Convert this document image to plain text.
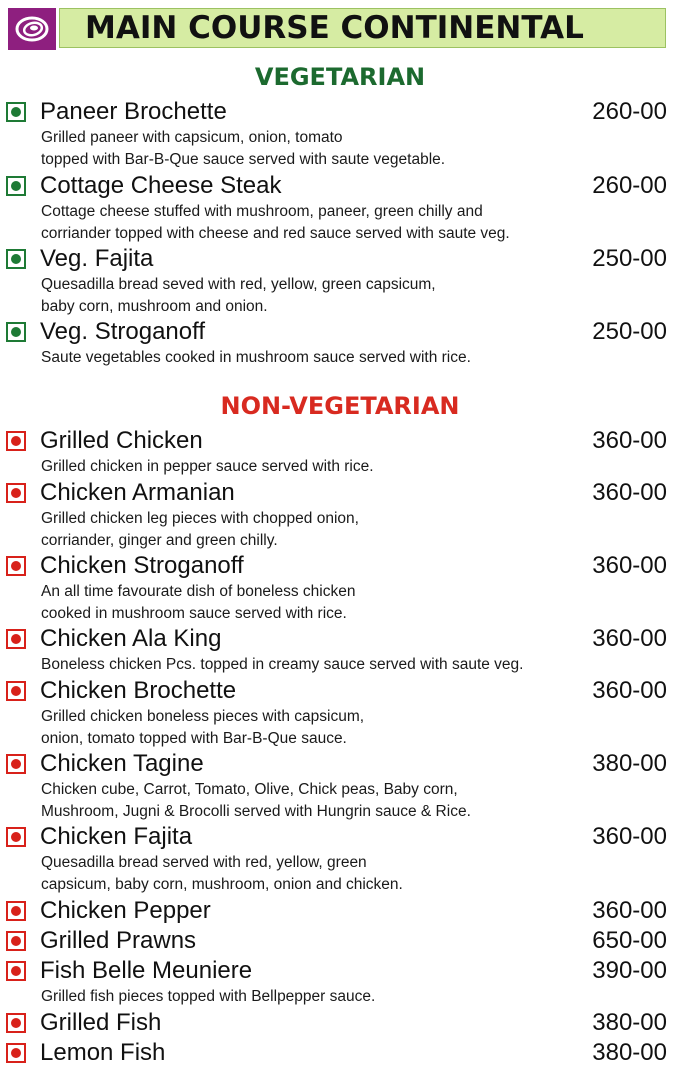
MAIN COURSE CONTINENTAL
VEGETARIAN
Paneer Brochette	260-00
Grilled paneer with capsicum, onion, tomato
topped with Bar-B-Que sauce served with saute vegetable.
Cottage Cheese Steak	260-00
Cottage cheese stuffed with mushroom, paneer, green chilly and
corriander topped with cheese and red sauce served with saute veg.
Veg. Fajita	250-00
Quesadilla bread seved with red, yellow, green capsicum,
baby corn, mushroom and onion.
Veg. Stroganoff	250-00
Saute vegetables cooked in mushroom sauce served with rice.
NON-VEGETARIAN
Grilled Chicken	360-00
Grilled chicken in pepper sauce served with rice.
Chicken Armanian	360-00
Grilled chicken leg pieces with chopped onion,
corriander, ginger and green chilly.
Chicken Stroganoff	360-00
An all time favourate dish of boneless chicken
cooked in mushroom sauce served with rice.
Chicken Ala King	360-00
Boneless chicken Pcs. topped in creamy sauce served with saute veg.
Chicken Brochette	360-00
Grilled chicken boneless pieces with capsicum,
onion, tomato topped with Bar-B-Que sauce.
Chicken Tagine	380-00
Chicken cube, Carrot, Tomato, Olive, Chick peas, Baby corn,
Mushroom, Jugni & Brocolli served with Hungrin sauce & Rice.
Chicken Fajita	360-00
Quesadilla bread served with red, yellow, green
capsicum, baby corn, mushroom, onion and chicken.
Chicken Pepper	360-00
Grilled Prawns	650-00
Fish Belle Meuniere	390-00
Grilled fish pieces topped with Bellpepper sauce.
Grilled Fish	380-00
Lemon Fish	380-00
